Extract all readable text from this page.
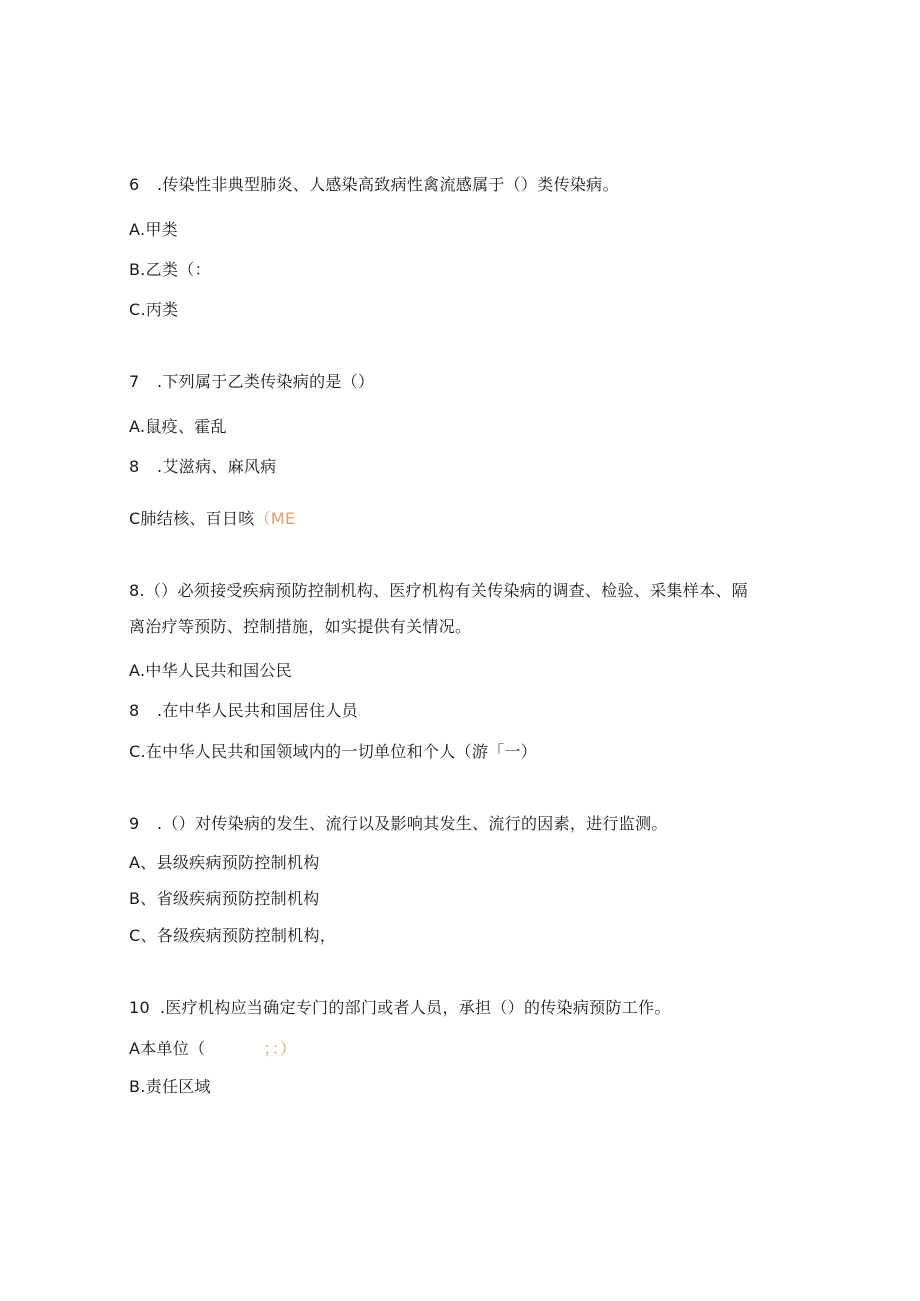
6 .传染性非典型肺炎、人感染高致病性禽流感属于（）类传染病。
A.甲类
B.乙类（：
C.丙类
7 .下列属于乙类传染病的是（）
A.鼠疫、霍乱
8 .艾滋病、麻风病
C肺结核、百日咳（ME
8.（）必须接受疾病预防控制机构、医疗机构有关传染病的调查、检验、采集样本、隔
离治疗等预防、控制措施，如实提供有关情况。
A.中华人民共和国公民
8 .在中华人民共和国居住人员
C.在中华人民共和国领域内的一切单位和个人（游「一）
9 .（）对传染病的发生、流行以及影响其发生、流行的因素，进行监测。
A、县级疾病预防控制机构
B、省级疾病预防控制机构
C、各级疾病预防控制机构，
10 .医疗机构应当确定专门的部门或者人员，承担（）的传染病预防工作。
A本单位（	；：）
B.责任区域
